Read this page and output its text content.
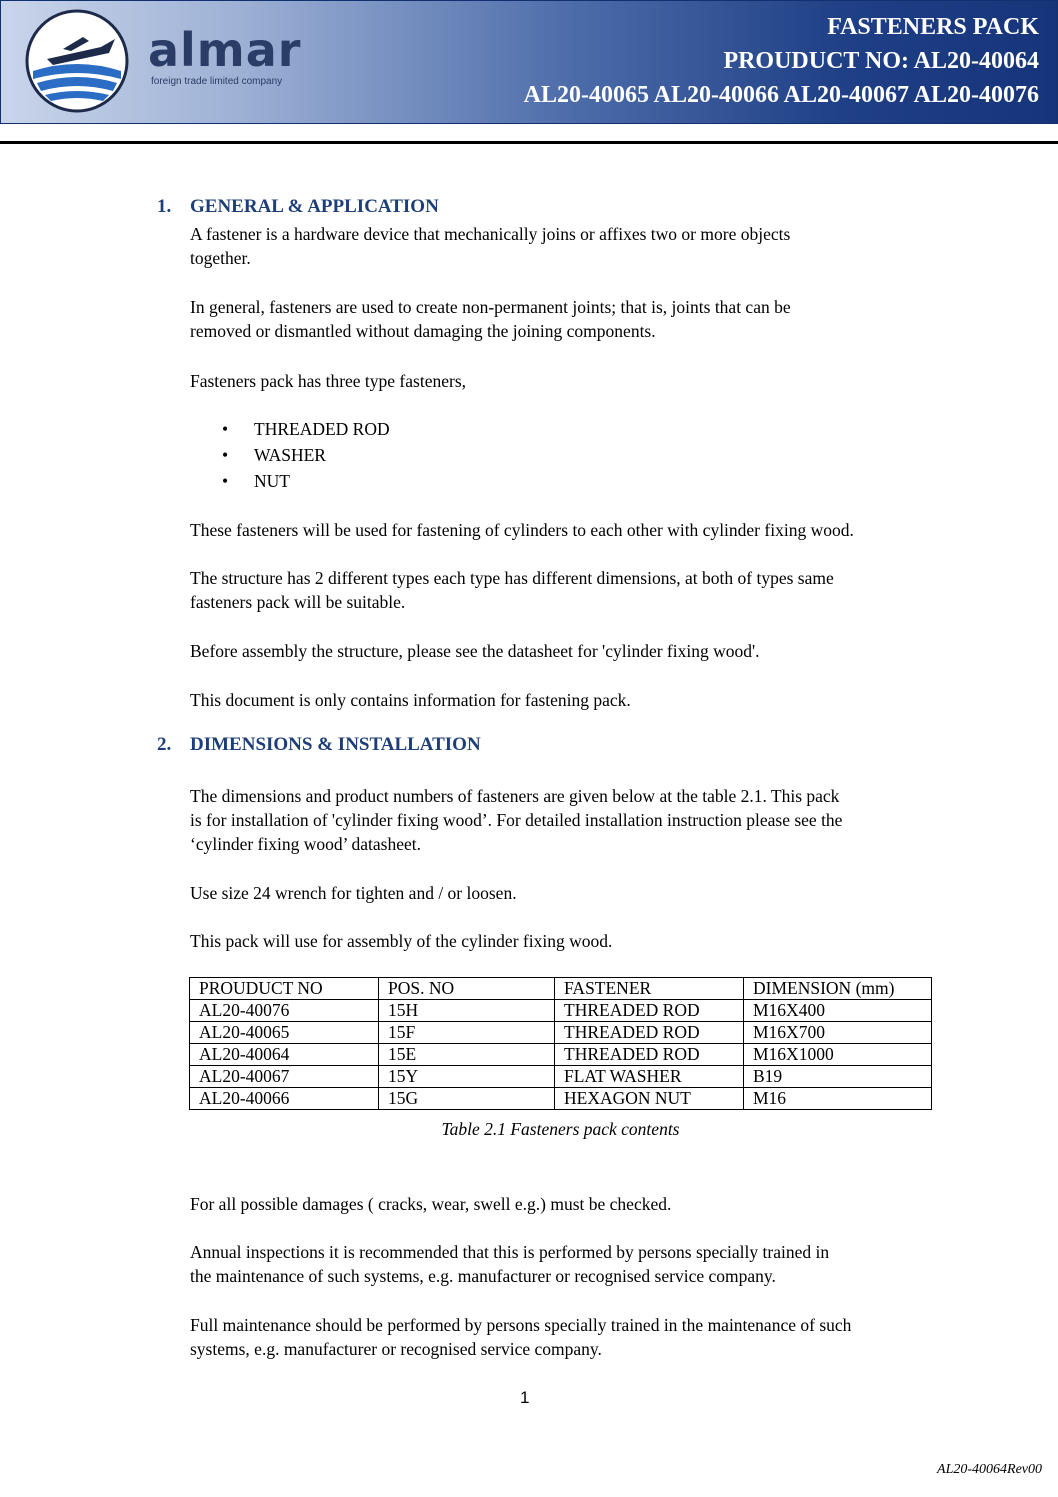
almar
foreign trade limited company
FASTENERS PACK
PROUDUCT NO: AL20-40064
AL20-40065 AL20-40066 AL20-40067 AL20-40076
1. GENERAL & APPLICATION
A fastener is a hardware device that mechanically joins or affixes two or more objects
together.
In general, fasteners are used to create non-permanent joints; that is, joints that can be
removed or dismantled without damaging the joining components.
Fasteners pack has three type fasteners,
• THREADED ROD
• WASHER
• NUT
These fasteners will be used for fastening of cylinders to each other with cylinder fixing wood.
The structure has 2 different types each type has different dimensions, at both of types same
fasteners pack will be suitable.
Before assembly the structure, please see the datasheet for 'cylinder fixing wood'.
This document is only contains information for fastening pack.
2. DIMENSIONS & INSTALLATION
The dimensions and product numbers of fasteners are given below at the table 2.1. This pack
is for installation of 'cylinder fixing wood’. For detailed installation instruction please see the
‘cylinder fixing wood’ datasheet.
Use size 24 wrench for tighten and / or loosen.
This pack will use for assembly of the cylinder fixing wood.
PROUDUCT NO	POS. NO	FASTENER	DIMENSION (mm)
AL20-40076	15H	THREADED ROD	M16X400
AL20-40065	15F	THREADED ROD	M16X700
AL20-40064	15E	THREADED ROD	M16X1000
AL20-40067	15Y	FLAT WASHER	B19
AL20-40066	15G	HEXAGON NUT	M16
Table 2.1 Fasteners pack contents
For all possible damages ( cracks, wear, swell e.g.) must be checked.
Annual inspections it is recommended that this is performed by persons specially trained in
the maintenance of such systems, e.g. manufacturer or recognised service company.
Full maintenance should be performed by persons specially trained in the maintenance of such
systems, e.g. manufacturer or recognised service company.
1
AL20-40064Rev00
